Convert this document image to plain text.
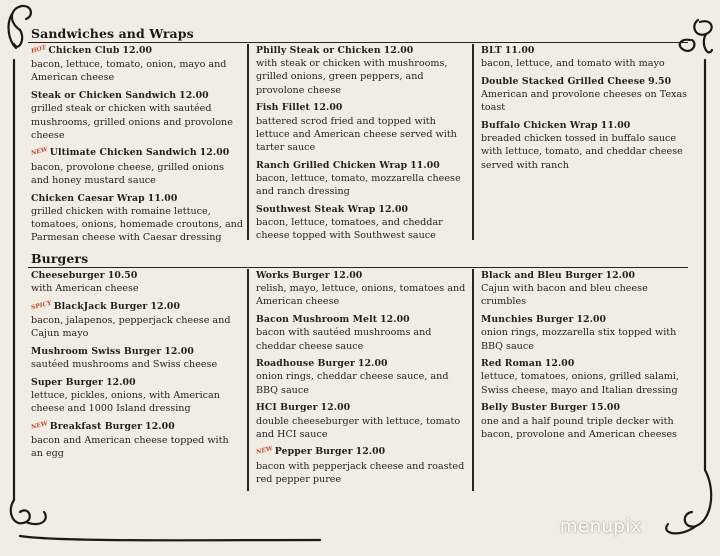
Sandwiches and Wraps
HOTChicken Club 12.00
bacon, lettuce, tomato, onion, mayo and American cheese
Steak or Chicken Sandwich 12.00
grilled steak or chicken with sautéed mushrooms, grilled onions and provolone cheese
NEWUltimate Chicken Sandwich 12.00
bacon, provolone cheese, grilled onions and honey mustard sauce
Chicken Caesar Wrap 11.00
grilled chicken with romaine lettuce, tomatoes, onions, homemade croutons, and Parmesan cheese with Caesar dressing
Philly Steak or Chicken 12.00
with steak or chicken with mushrooms, grilled onions, green peppers, and provolone cheese
Fish Fillet 12.00
battered scrod fried and topped with lettuce and American cheese served with tarter sauce
Ranch Grilled Chicken Wrap 11.00
bacon, lettuce, tomato, mozzarella cheese and ranch dressing
Southwest Steak Wrap 12.00
bacon, lettuce, tomatoes, and cheddar cheese topped with Southwest sauce
BLT 11.00
bacon, lettuce, and tomato with mayo
Double Stacked Grilled Cheese 9.50
American and provolone cheeses on Texas toast
Buffalo Chicken Wrap 11.00
breaded chicken tossed in buffalo sauce with lettuce, tomato, and cheddar cheese served with ranch
Burgers
Cheeseburger 10.50
with American cheese
SPICYBlackJack Burger 12.00
bacon, jalapenos, pepperjack cheese and Cajun mayo
Mushroom Swiss Burger 12.00
sautéed mushrooms and Swiss cheese
Super Burger 12.00
lettuce, pickles, onions, with American cheese and 1000 Island dressing
NEWBreakfast Burger 12.00
bacon and American cheese topped with an egg
Works Burger 12.00
relish, mayo, lettuce, onions, tomatoes and American cheese
Bacon Mushroom Melt 12.00
bacon with sautéed mushrooms and cheddar cheese sauce
Roadhouse Burger 12.00
onion rings, cheddar cheese sauce, and BBQ sauce
HCI Burger 12.00
double cheeseburger with lettuce, tomato and HCI sauce
NEWPepper Burger 12.00
bacon with pepperjack cheese and roasted red pepper puree
Black and Bleu Burger 12.00
Cajun with bacon and bleu cheese crumbles
Munchies Burger 12.00
onion rings, mozzarella stix topped with BBQ sauce
Red Roman 12.00
lettuce, tomatoes, onions, grilled salami, Swiss cheese, mayo and Italian dressing
Belly Buster Burger 15.00
one and a half pound triple decker with bacon, provolone and American cheeses
menupix
